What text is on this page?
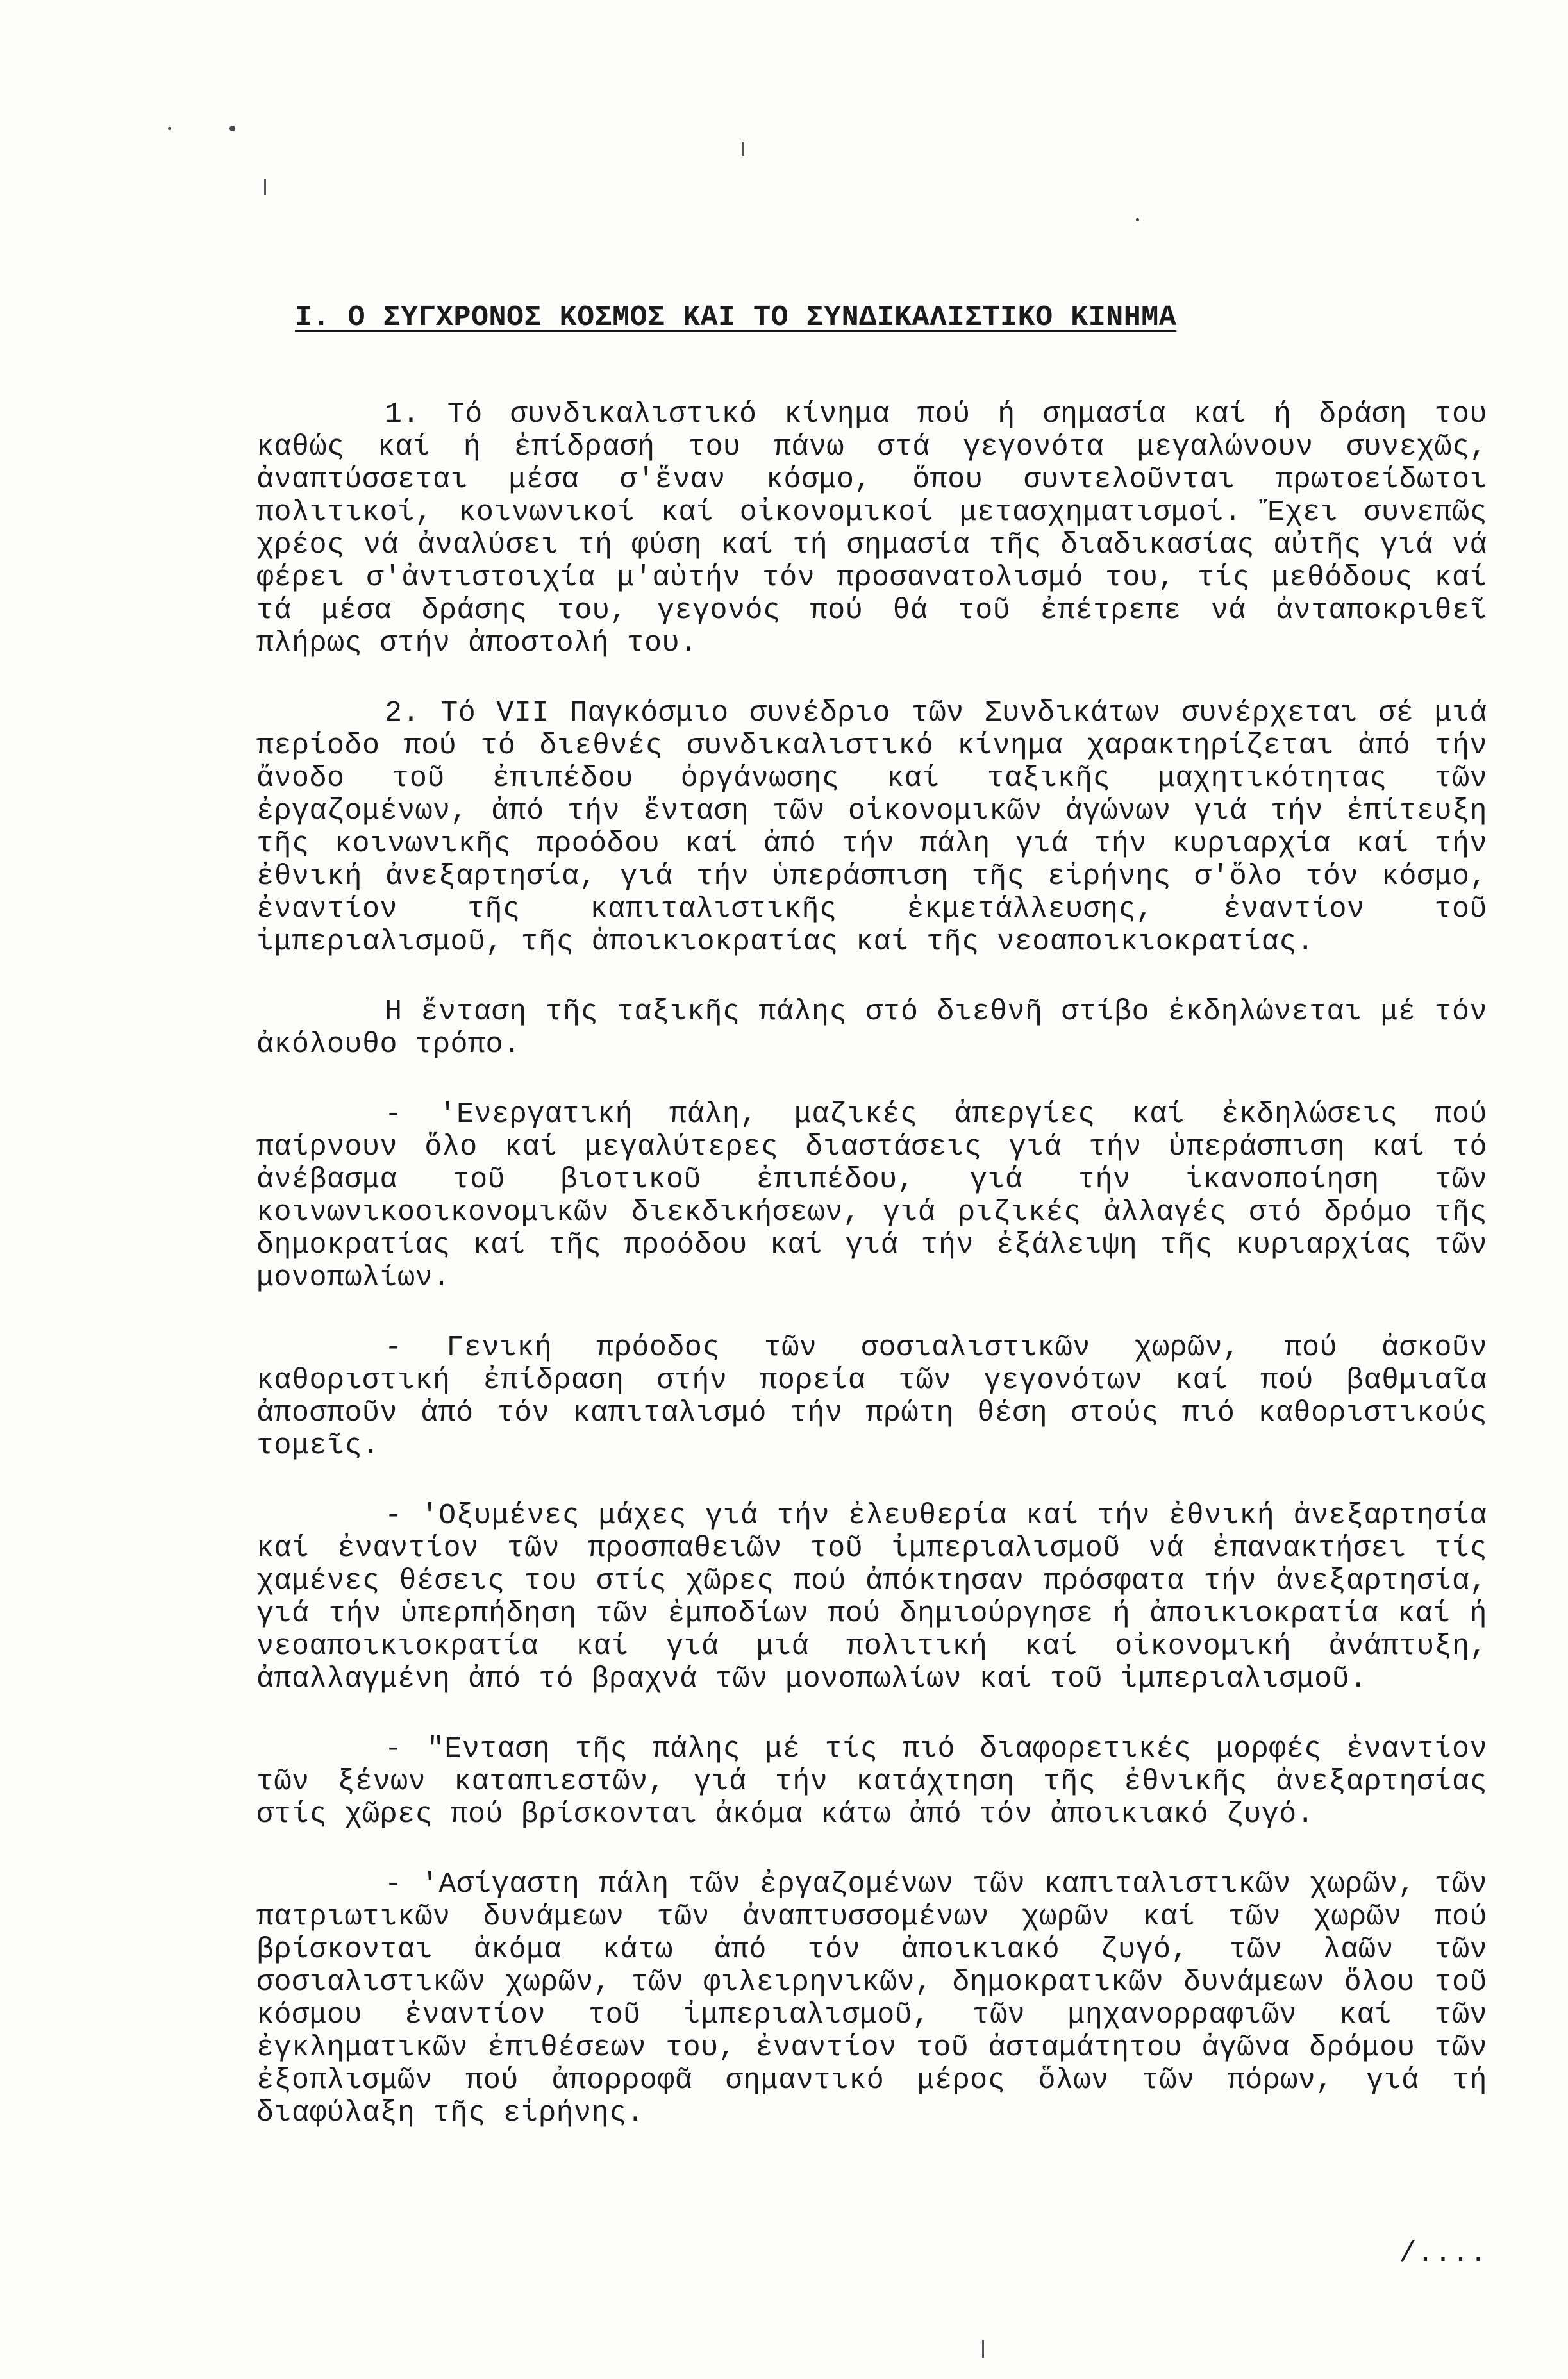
I. Ο ΣΥΓΧΡΟΝΟΣ ΚΟΣΜΟΣ ΚΑΙ ΤΟ ΣΥΝΔΙΚΑΛΙΣΤΙΚΟ ΚΙΝΗΜΑ

1. Τό συνδικαλιστικό κίνημα πού ή σημασία καί ή δράση του καθώς καί ή ἐπίδρασή του πάνω στά γεγονότα μεγαλώνουν συνεχῶς, ἀναπτύσσεται μέσα σ'ἕναν κόσμο, ὅπου συντελοῦνται πρωτοείδωτοι πολιτικοί, κοινωνικοί καί οἰκονομικοί μετασχηματισμοί. Ἔχει συνεπῶς χρέος νά ἀναλύσει τή φύση καί τή σημασία τῆς διαδικασίας αὐτῆς γιά νά φέρει σ'ἀντιστοιχία μ'αὐτήν τόν προσανατολισμό του, τίς μεθόδους καί τά μέσα δράσης του, γεγονός πού θά τοῦ ἐπέτρεπε νά ἀνταποκριθεῖ πλήρως στήν ἀποστολή του.

2. Τό VII Παγκόσμιο συνέδριο τῶν Συνδικάτων συνέρχεται σέ μιά περίοδο πού τό διεθνές συνδικαλιστικό κίνημα χαρακτηρίζεται ἀπό τήν ἄνοδο τοῦ ἐπιπέδου ὀργάνωσης καί ταξικῆς μαχητικότητας τῶν ἐργαζομένων, ἀπό τήν ἔνταση τῶν οἰκονομικῶν ἀγώνων γιά τήν ἐπίτευξη τῆς κοινωνικῆς προόδου καί ἀπό τήν πάλη γιά τήν κυριαρχία καί τήν ἐθνική ἀνεξαρτησία, γιά τήν ὑπεράσπιση τῆς εἰρήνης σ'ὅλο τόν κόσμο, ἐναντίον τῆς καπιταλιστικῆς ἐκμετάλλευσης, ἐναντίον τοῦ ἰμπεριαλισμοῦ, τῆς ἀποικιοκρατίας καί τῆς νεοαποικιοκρατίας.

Η ἔνταση τῆς ταξικῆς πάλης στό διεθνῆ στίβο ἐκδηλώνεται μέ τόν ἀκόλουθο τρόπο.

- 'Ενεργατική πάλη, μαζικές ἀπεργίες καί ἐκδηλώσεις πού παίρνουν ὅλο καί μεγαλύτερες διαστάσεις γιά τήν ὑπεράσπιση καί τό ἀνέβασμα τοῦ βιοτικοῦ ἐπιπέδου, γιά τήν ἱκανοποίηση τῶν κοινωνικοοικονομικῶν διεκδικήσεων, γιά ριζικές ἀλλαγές στό δρόμο τῆς δημοκρατίας καί τῆς προόδου καί γιά τήν ἐξάλειψη τῆς κυριαρχίας τῶν μονοπωλίων.

- Γενική πρόοδος τῶν σοσιαλιστικῶν χωρῶν, πού ἀσκοῦν καθοριστική ἐπίδραση στήν πορεία τῶν γεγονότων καί πού βαθμιαῖα ἀποσποῦν ἀπό τόν καπιταλισμό τήν πρώτη θέση στούς πιό καθοριστικούς τομεῖς.

- 'Οξυμένες μάχες γιά τήν ἐλευθερία καί τήν ἐθνική ἀνεξαρτησία καί ἐναντίον τῶν προσπαθειῶν τοῦ ἰμπεριαλισμοῦ νά ἐπανακτήσει τίς χαμένες θέσεις του στίς χῶρες πού ἀπόκτησαν πρόσφατα τήν ἀνεξαρτησία, γιά τήν ὑπερπήδηση τῶν ἐμποδίων πού δημιούργησε ή ἀποικιοκρατία καί ή νεοαποικιοκρατία καί γιά μιά πολιτική καί οἰκονομική ἀνάπτυξη, ἀπαλλαγμένη ἀπό τό βραχνά τῶν μονοπωλίων καί τοῦ ἰμπεριαλισμοῦ.

- "Ενταση τῆς πάλης μέ τίς πιό διαφορετικές μορφές ἐναντίον τῶν ξένων καταπιεστῶν, γιά τήν κατάχτηση τῆς ἐθνικῆς ἀνεξαρτησίας στίς χῶρες πού βρίσκονται ἀκόμα κάτω ἀπό τόν ἀποικιακό ζυγό.

- 'Ασίγαστη πάλη τῶν ἐργαζομένων τῶν καπιταλιστικῶν χωρῶν, τῶν πατριωτικῶν δυνάμεων τῶν ἀναπτυσσομένων χωρῶν καί τῶν χωρῶν πού βρίσκονται ἀκόμα κάτω ἀπό τόν ἀποικιακό ζυγό, τῶν λαῶν τῶν σοσιαλιστικῶν χωρῶν, τῶν φιλειρηνικῶν, δημοκρατικῶν δυνάμεων ὅλου τοῦ κόσμου ἐναντίον τοῦ ἰμπεριαλισμοῦ, τῶν μηχανορραφιῶν καί τῶν ἐγκληματικῶν ἐπιθέσεων του, ἐναντίον τοῦ ἀσταμάτητου ἀγῶνα δρόμου τῶν ἐξοπλισμῶν πού ἀπορροφᾶ σημαντικό μέρος ὅλων τῶν πόρων, γιά τή διαφύλαξη τῆς εἰρήνης.

/....
